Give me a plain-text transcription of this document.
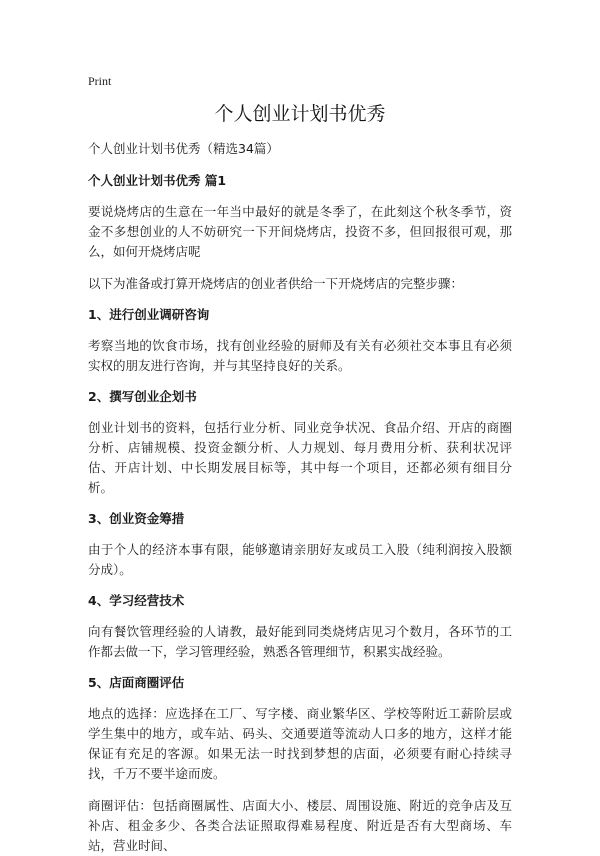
Print
个人创业计划书优秀

个人创业计划书优秀（精选34篇）

个人创业计划书优秀 篇1

要说烧烤店的生意在一年当中最好的就是冬季了，在此刻这个秋冬季节，资金不多想创业的人不妨研究一下开间烧烤店，投资不多，但回报很可观，那么，如何开烧烤店呢

以下为准备或打算开烧烤店的创业者供给一下开烧烤店的完整步骤：

1、进行创业调研咨询

考察当地的饮食市场，找有创业经验的厨师及有关有必须社交本事且有必须实权的朋友进行咨询，并与其坚持良好的关系。

2、撰写创业企划书

创业计划书的资料，包括行业分析、同业竞争状况、食品介绍、开店的商圈分析、店铺规模、投资金额分析、人力规划、每月费用分析、获利状况评估、开店计划、中长期发展目标等，其中每一个项目，还都必须有细目分析。

3、创业资金筹措

由于个人的经济本事有限，能够邀请亲朋好友或员工入股（纯利润按入股额分成）。

4、学习经营技术

向有餐饮管理经验的人请教，最好能到同类烧烤店见习个数月，各环节的工作都去做一下，学习管理经验，熟悉各管理细节，积累实战经验。

5、店面商圈评估

地点的选择：应选择在工厂、写字楼、商业繁华区、学校等附近工薪阶层或学生集中的地方，或车站、码头、交通要道等流动人口多的地方，这样才能保证有充足的客源。如果无法一时找到梦想的店面，必须要有耐心持续寻找，千万不要半途而废。

商圈评估：包括商圈属性、店面大小、楼层、周围设施、附近的竞争店及互补店、租金多少、各类合法证照取得难易程度、附近是否有大型商场、车站，营业时间、
